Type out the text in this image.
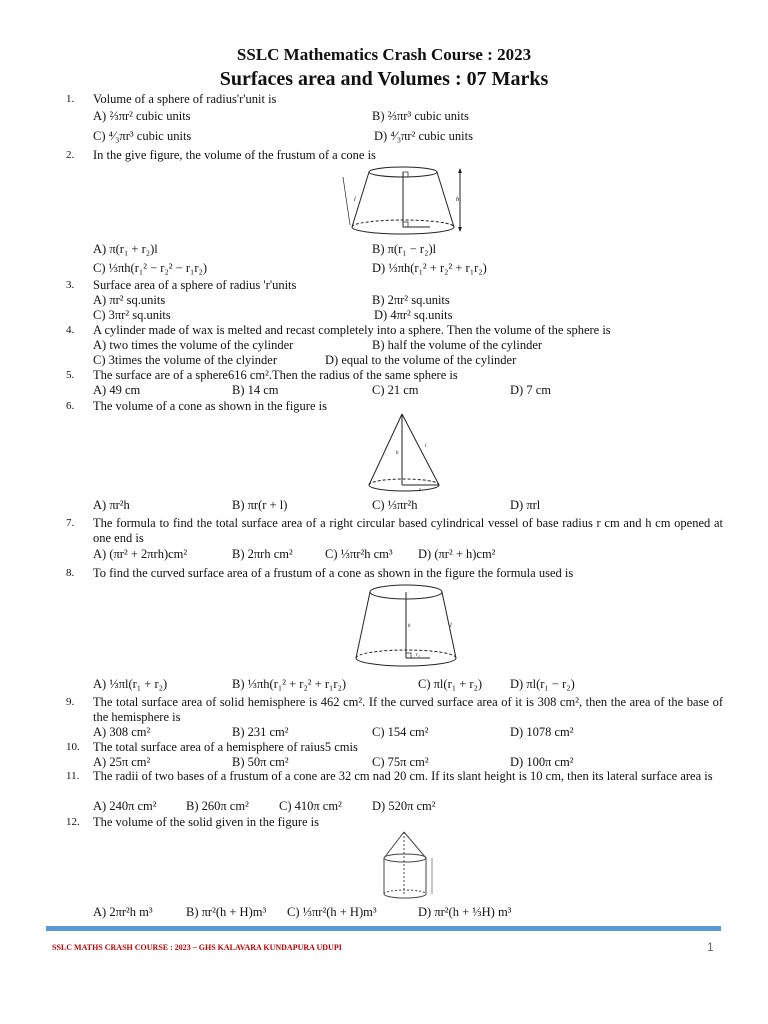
SSLC Mathematics Crash Course : 2023
Surfaces area and Volumes : 07 Marks
1.	Volume of a sphere of radius'r'unit is
A) ⅔πr² cubic units	B) ⅔πr³ cubic units
C) ⁴⁄₃πr³ cubic units	D) ⁴⁄₃πr² cubic units
2.	In the give figure, the volume of the frustum of a cone is
l	h
A) π(r₁ + r₂)l	B) π(r₁ − r₂)l
C) ⅓πh(r₁² − r₂² − r₁r₂)	D) ⅓πh(r₁² + r₂² + r₁r₂)
3.	Surface area of a sphere of radius 'r'units
A) πr² sq.units	B) 2πr² sq.units
C) 3πr² sq.units	D) 4πr² sq.units
4.	A cylinder made of wax is melted and recast completely into a sphere. Then the volume of the sphere is
A) two times the volume of the cylinder	B) half the volume of the cylinder
C) 3times the volume of the clyinder	D) equal to the volume of the cylinder
5.	The surface are of a sphere616 cm².Then the radius of the same sphere is
A) 49 cm	B) 14 cm	C) 21 cm	D) 7 cm
6.	The volume of a cone as shown in the figure is
h
l
r
A) πr²h	B) πr(r + l)	C) ⅓πr²h	D) πrl
7.	The formula to find the total surface area of a right circular based cylindrical vessel of base radius r cm and h cm opened at one end is
A) (πr² + 2πrh)cm²	B) 2πrh cm²	C) ⅓πr²h cm³ D) (πr² + h)cm²
8.	To find the curved surface area of a frustum of a cone as shown in the figure the formula used is
h	l
r₂
A) ⅓πl(r₁ + r₂)	B) ⅓πh(r₁² + r₂² + r₁r₂)	C) πl(r₁ + r₂) D) πl(r₁ − r₂)
9.	The total surface area of solid hemisphere is 462 cm². If the curved surface area of it is 308 cm², then the area of the base of the hemisphere is
A) 308 cm²	B) 231 cm²	C) 154 cm²	D) 1078 cm²
10.	The total surface area of a hemisphere of raius5 cmis
A) 25π cm²	B) 50π cm²	C) 75π cm²	D) 100π cm²
11.	The radii of two bases of a frustum of a cone are 32 cm nad 20 cm. If its slant height is 10 cm, then its lateral surface area is
A) 240π cm² B) 260π cm² C) 410π cm² D) 520π cm²
12.	The volume of the solid given in the figure is
A) 2πr²h m³	B) πr²(h + H)m³ C) ⅓πr²(h + H)m³	D) πr²(h + ⅓H) m³
SSLC MATHS CRASH COURSE : 2023 – GHS KALAVARA KUNDAPURA UDUPI	1
